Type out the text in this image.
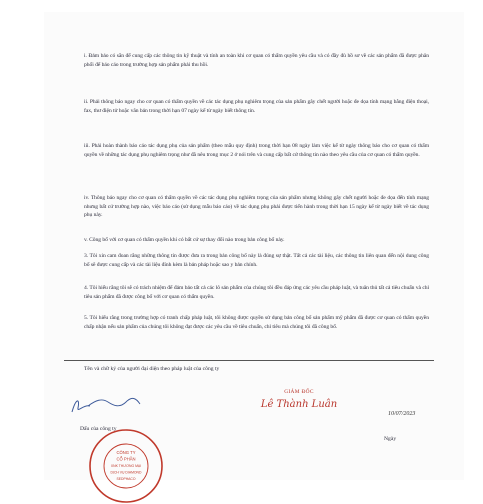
i. Đảm bảo có sẵn để cung cấp các thông tin kỹ thuật và tính an toàn khi cơ quan có thẩm quyền yêu cầu và có đầy đủ hồ sơ về các sản phẩm đã được phân phối để báo cáo trong trường hợp sản phẩm phải thu hồi.
ii. Phải thông báo ngay cho cơ quan có thẩm quyền về các tác dụng phụ nghiêm trọng của sản phẩm gây chết người hoặc đe dọa tính mạng bằng điện thoại, fax, thư điện tử hoặc văn bản trong thời hạn 07 ngày kể từ ngày biết thông tin.
iii. Phải hoàn thành báo cáo tác dụng phụ của sản phẩm (theo mẫu quy định) trong thời hạn 08 ngày làm việc kể từ ngày thông báo cho cơ quan có thẩm quyền về những tác dụng phụ nghiêm trọng như đã nêu trong mục 2 ở nói trên và cung cấp bất cứ thông tin nào theo yêu cầu của cơ quan có thẩm quyền.
iv. Thông báo ngay cho cơ quan có thẩm quyền về các tác dụng phụ nghiêm trọng của sản phẩm nhưng không gây chết người hoặc đe dọa đến tính mạng nhưng bất cứ trường hợp nào, việc báo cáo (sử dụng mẫu báo cáo) về tác dụng phụ phải được tiến hành trong thời hạn 15 ngày kể từ ngày biết về tác dụng phụ này.
v. Công bố với cơ quan có thẩm quyền khi có bất cứ sự thay đổi nào trong bản công bố này.
3. Tôi xin cam đoan rằng những thông tin được đưa ra trong bản công bố này là đúng sự thật. Tất cả các tài liệu, các thông tin liên quan đến nội dung công bố sẽ được cung cấp và các tài liệu đính kèm là bản pháp hoặc sao y bản chính.
4. Tôi hiểu rằng tôi sẽ có trách nhiệm để đảm bảo tất cả các lô sản phẩm của chúng tôi đều đáp ứng các yêu cầu pháp luật, và tuân thủ tất cả tiêu chuẩn và chỉ tiêu sản phẩm đã được công bố với cơ quan có thẩm quyền.
5. Tôi hiểu rằng trong trường hợp có tranh chấp pháp luật, tôi không được quyền sử dụng bản công bố sản phẩm mỹ phẩm đã được cơ quan có thẩm quyền chấp nhận nếu sản phẩm của chúng tôi không đạt được các yêu cầu về tiêu chuẩn, chỉ tiêu mà chúng tôi đã công bố.
Tên và chữ ký của người đại diện theo pháp luật của công ty
GIÁM ĐỐC
Lê Thành Luân
10/07/2023
Ngày
Dấu của công ty
CÔNG TY
CỔ PHẦN
XNK THƯƠNG MẠI
DỊCH VỤ DIAMOND
SEDPHACO
